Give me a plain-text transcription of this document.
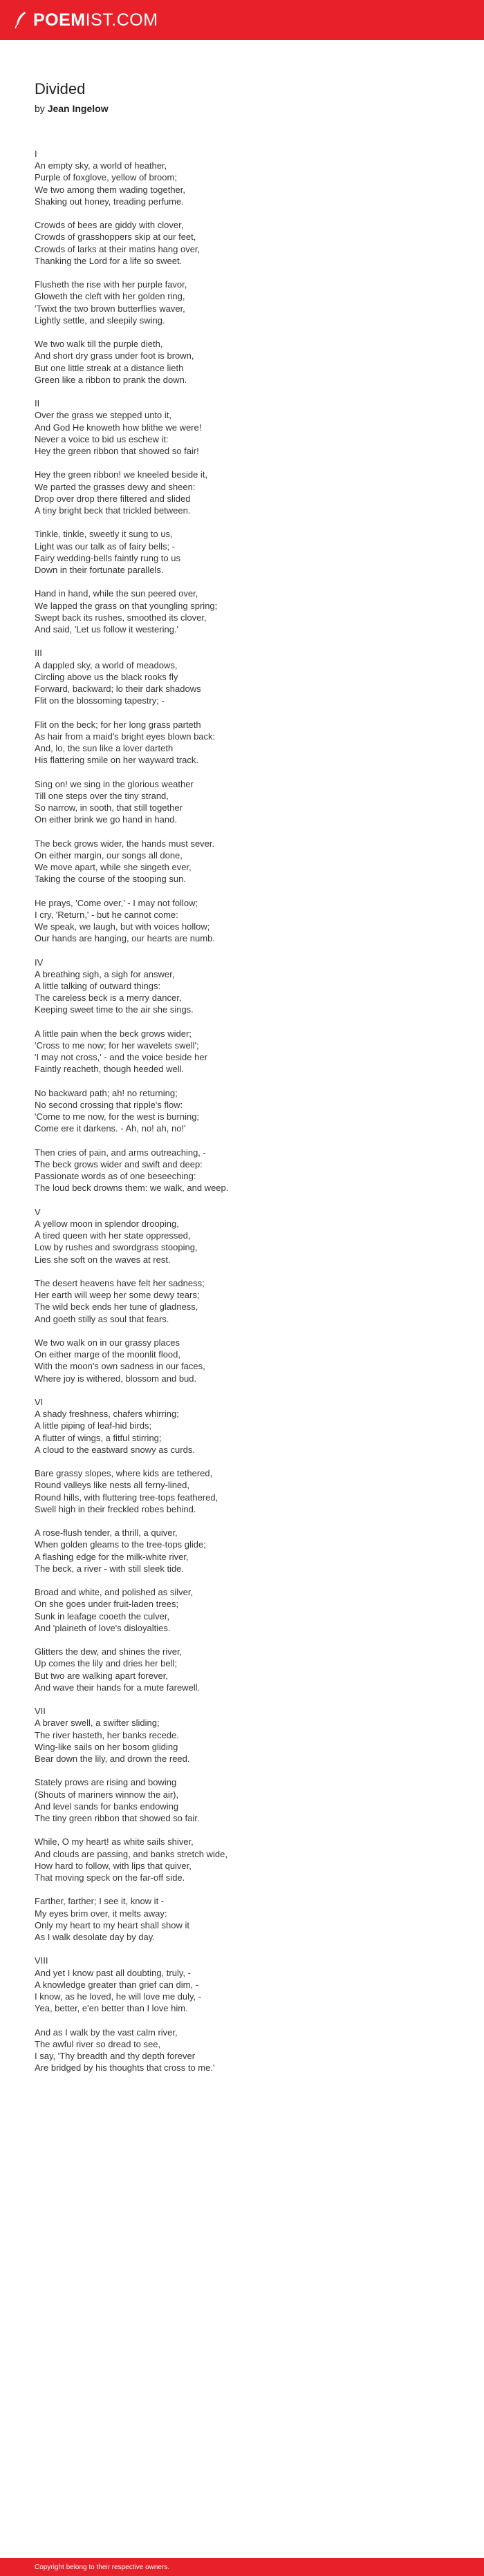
POEM IST.COM
Divided
by Jean Ingelow
I
An empty sky, a world of heather,
Purple of foxglove, yellow of broom;
We two among them wading together,
Shaking out honey, treading perfume.
Crowds of bees are giddy with clover,
Crowds of grasshoppers skip at our feet,
Crowds of larks at their matins hang over,
Thanking the Lord for a life so sweet.
Flusheth the rise with her purple favor,
Gloweth the cleft with her golden ring,
'Twixt the two brown butterflies waver,
Lightly settle, and sleepily swing.
We two walk till the purple dieth,
And short dry grass under foot is brown,
But one little streak at a distance lieth
Green like a ribbon to prank the down.
II
Over the grass we stepped unto it,
And God He knoweth how blithe we were!
Never a voice to bid us eschew it:
Hey the green ribbon that showed so fair!
Hey the green ribbon! we kneeled beside it,
We parted the grasses dewy and sheen:
Drop over drop there filtered and slided
A tiny bright beck that trickled between.
Tinkle, tinkle, sweetly it sung to us,
Light was our talk as of fairy bells; -
Fairy wedding-bells faintly rung to us
Down in their fortunate parallels.
Hand in hand, while the sun peered over,
We lapped the grass on that youngling spring;
Swept back its rushes, smoothed its clover,
And said, 'Let us follow it westering.'
III
A dappled sky, a world of meadows,
Circling above us the black rooks fly
Forward, backward; lo their dark shadows
Flit on the blossoming tapestry; -
Flit on the beck; for her long grass parteth
As hair from a maid's bright eyes blown back:
And, lo, the sun like a lover darteth
His flattering smile on her wayward track.
Sing on! we sing in the glorious weather
Till one steps over the tiny strand,
So narrow, in sooth, that still together
On either brink we go hand in hand.
The beck grows wider, the hands must sever.
On either margin, our songs all done,
We move apart, while she singeth ever,
Taking the course of the stooping sun.
He prays, 'Come over,' - I may not follow;
I cry, 'Return,' - but he cannot come:
We speak, we laugh, but with voices hollow;
Our hands are hanging, our hearts are numb.
IV
A breathing sigh, a sigh for answer,
A little talking of outward things:
The careless beck is a merry dancer,
Keeping sweet time to the air she sings.
A little pain when the beck grows wider;
'Cross to me now; for her wavelets swell';
'I may not cross,' - and the voice beside her
Faintly reacheth, though heeded well.
No backward path; ah! no returning;
No second crossing that ripple's flow:
'Come to me now, for the west is burning;
Come ere it darkens. - Ah, no! ah, no!'
Then cries of pain, and arms outreaching, -
The beck grows wider and swift and deep:
Passionate words as of one beseeching:
The loud beck drowns them: we walk, and weep.
V
A yellow moon in splendor drooping,
A tired queen with her state oppressed,
Low by rushes and swordgrass stooping,
Lies she soft on the waves at rest.
The desert heavens have felt her sadness;
Her earth will weep her some dewy tears;
The wild beck ends her tune of gladness,
And goeth stilly as soul that fears.
We two walk on in our grassy places
On either marge of the moonlit flood,
With the moon's own sadness in our faces,
Where joy is withered, blossom and bud.
VI
A shady freshness, chafers whirring;
A little piping of leaf-hid birds;
A flutter of wings, a fitful stirring;
A cloud to the eastward snowy as curds.
Bare grassy slopes, where kids are tethered,
Round valleys like nests all ferny-lined,
Round hills, with fluttering tree-tops feathered,
Swell high in their freckled robes behind.
A rose-flush tender, a thrill, a quiver,
When golden gleams to the tree-tops glide;
A flashing edge for the milk-white river,
The beck, a river - with still sleek tide.
Broad and white, and polished as silver,
On she goes under fruit-laden trees;
Sunk in leafage cooeth the culver,
And 'plaineth of love's disloyalties.
Glitters the dew, and shines the river,
Up comes the lily and dries her bell;
But two are walking apart forever,
And wave their hands for a mute farewell.
VII
A braver swell, a swifter sliding;
The river hasteth, her banks recede.
Wing-like sails on her bosom gliding
Bear down the lily, and drown the reed.
Stately prows are rising and bowing
(Shouts of mariners winnow the air),
And level sands for banks endowing
The tiny green ribbon that showed so fair.
While, O my heart! as white sails shiver,
And clouds are passing, and banks stretch wide,
How hard to follow, with lips that quiver,
That moving speck on the far-off side.
Farther, farther; I see it, know it -
My eyes brim over, it melts away:
Only my heart to my heart shall show it
As I walk desolate day by day.
VIII
And yet I know past all doubting, truly, -
A knowledge greater than grief can dim, -
I know, as he loved, he will love me duly, -
Yea, better, e'en better than I love him.
And as I walk by the vast calm river,
The awful river so dread to see,
I say, 'Thy breadth and thy depth forever
Are bridged by his thoughts that cross to me.'
Copyright belong to their respective owners.
